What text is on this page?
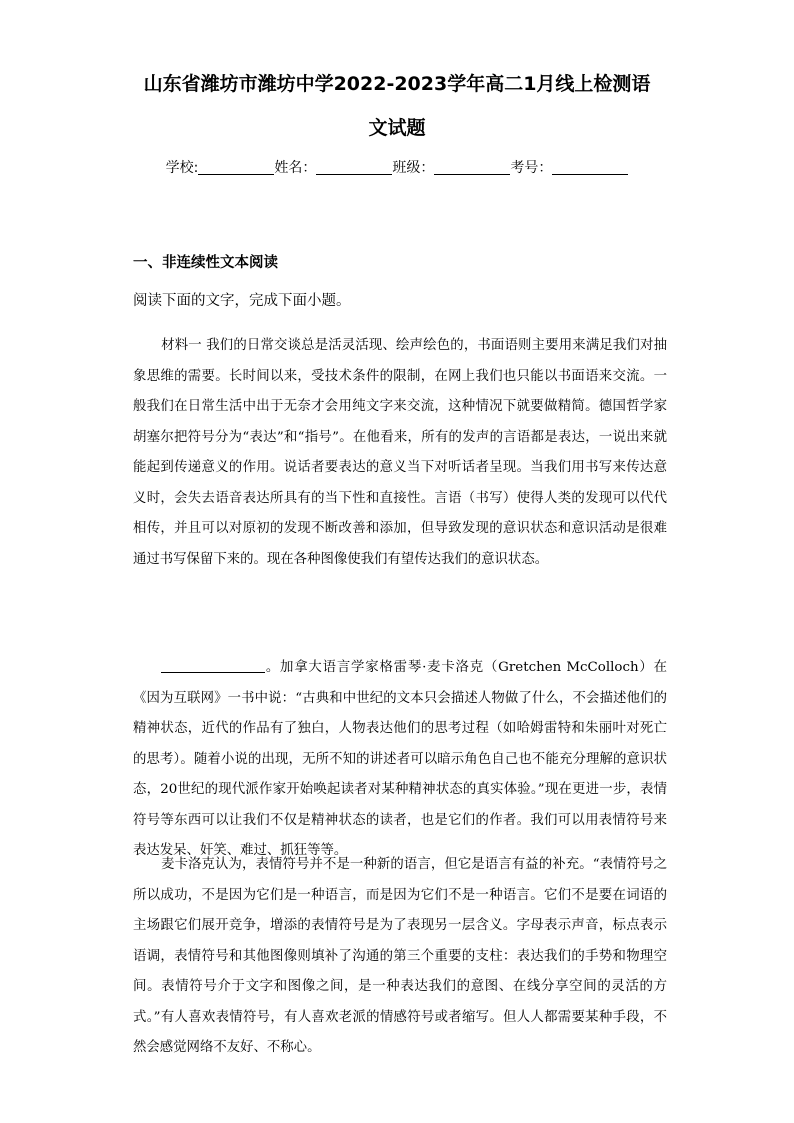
山东省潍坊市潍坊中学2022-2023学年高二1月线上检测语
文试题
学校:	姓名：	班级：	考号：
一、非连续性文本阅读
阅读下面的文字，完成下面小题。
材料一 我们的日常交谈总是活灵活现、绘声绘色的，书面语则主要用来满足我们对抽象思维的需要。长时间以来，受技术条件的限制，在网上我们也只能以书面语来交流。一般我们在日常生活中出于无奈才会用纯文字来交流，这种情况下就要做精简。德国哲学家胡塞尔把符号分为“表达”和“指号”。在他看来，所有的发声的言语都是表达，一说出来就能起到传递意义的作用。说话者要表达的意义当下对听话者呈现。当我们用书写来传达意义时，会失去语音表达所具有的当下性和直接性。言语（书写）使得人类的发现可以代代相传，并且可以对原初的发现不断改善和添加，但导致发现的意识状态和意识活动是很难通过书写保留下来的。现在各种图像使我们有望传达我们的意识状态。
。加拿大语言学家格雷琴·麦卡洛克（Gretchen McColloch）在《因为互联网》一书中说：“古典和中世纪的文本只会描述人物做了什么，不会描述他们的精神状态，近代的作品有了独白，人物表达他们的思考过程（如哈姆雷特和朱丽叶对死亡的思考）。随着小说的出现，无所不知的讲述者可以暗示角色自己也不能充分理解的意识状态，20世纪的现代派作家开始唤起读者对某种精神状态的真实体验。”现在更进一步，表情符号等东西可以让我们不仅是精神状态的读者，也是它们的作者。我们可以用表情符号来表达发呆、奸笑、难过、抓狂等等。
麦卡洛克认为，表情符号并不是一种新的语言，但它是语言有益的补充。“表情符号之所以成功，不是因为它们是一种语言，而是因为它们不是一种语言。它们不是要在词语的主场跟它们展开竞争，增添的表情符号是为了表现另一层含义。字母表示声音，标点表示语调，表情符号和其他图像则填补了沟通的第三个重要的支柱：表达我们的手势和物理空间。表情符号介于文字和图像之间，是一种表达我们的意图、在线分享空间的灵活的方式。”有人喜欢表情符号，有人喜欢老派的情感符号或者缩写。但人人都需要某种手段，不然会感觉网络不友好、不称心。
